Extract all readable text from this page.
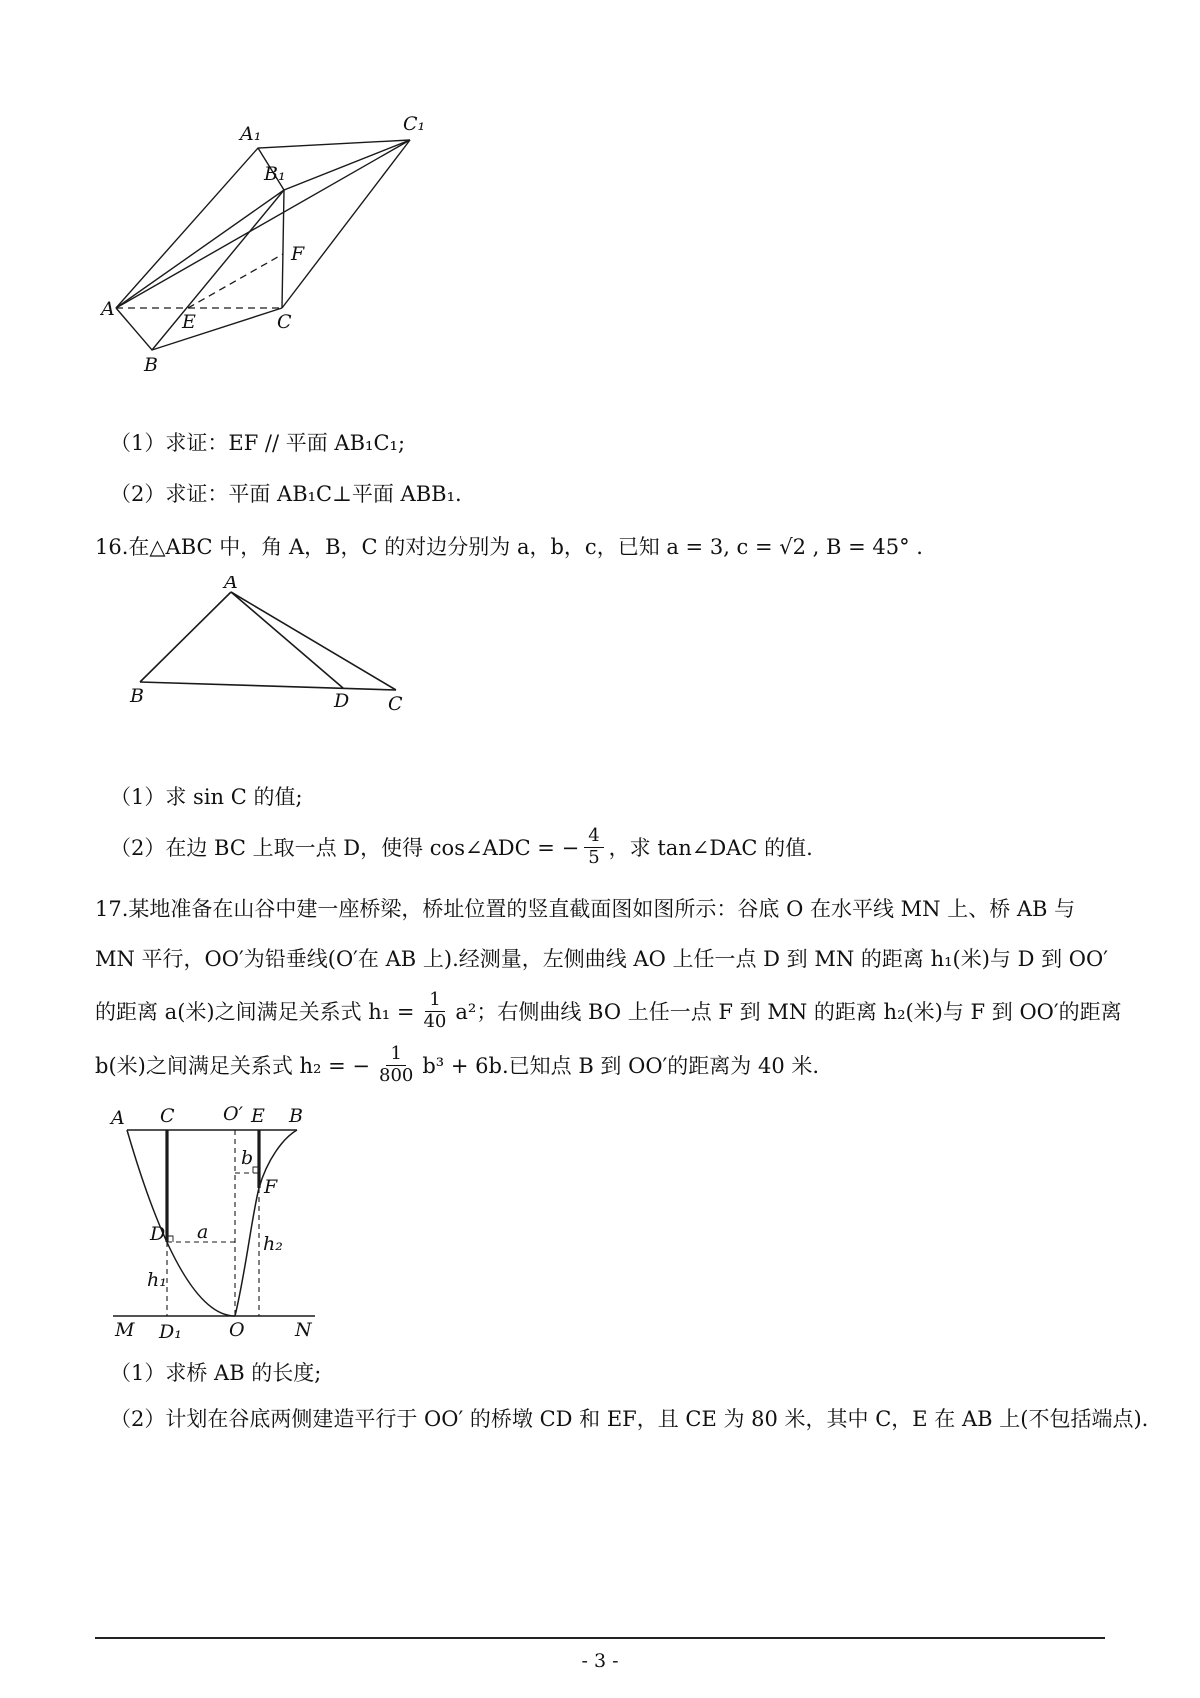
A₁	C₁
B₁
F
A
E	C
B

（1）求证：EF // 平面 AB₁C₁;

（2）求证：平面 AB₁C⊥平面 ABB₁.

16.在△ABC 中，角 A，B，C 的对边分别为 a，b，c，已知 a = 3, c = √2 , B = 45° .

A
B	D C

（1）求 sin C 的值;

（2）在边 BC 上取一点 D，使得 cos∠ADC = − $\frac{4}{5}$ ，求 tan∠DAC 的值.

17.某地准备在山谷中建一座桥梁，桥址位置的竖直截面图如图所示：谷底 O 在水平线 MN 上、桥 AB 与

MN 平行，OO′为铅垂线(O′在 AB 上).经测量，左侧曲线 AO 上任一点 D 到 MN 的距离 h₁(米)与 D 到 OO′

的距离 a(米)之间满足关系式 $h_1 = \frac{1}{40} a^2$；右侧曲线 BO 上任一点 F 到 MN 的距离 h₂(米)与 F 到 OO′的距离
b(米)之间满足关系式 h₂ = − $\frac{1}{800} b^3 + 6b$.已知点 B 到 OO′的距离为 40 米.
A C	O′ E B
b
F
D a
h₁
h₂
M D₁ O	N

（1）求桥 AB 的长度;

（2）计划在谷底两侧建造平行于 OO′ 的桥墩 CD 和 EF，且 CE 为 80 米，其中 C，E 在 AB 上(不包括端点).

- 3 -
